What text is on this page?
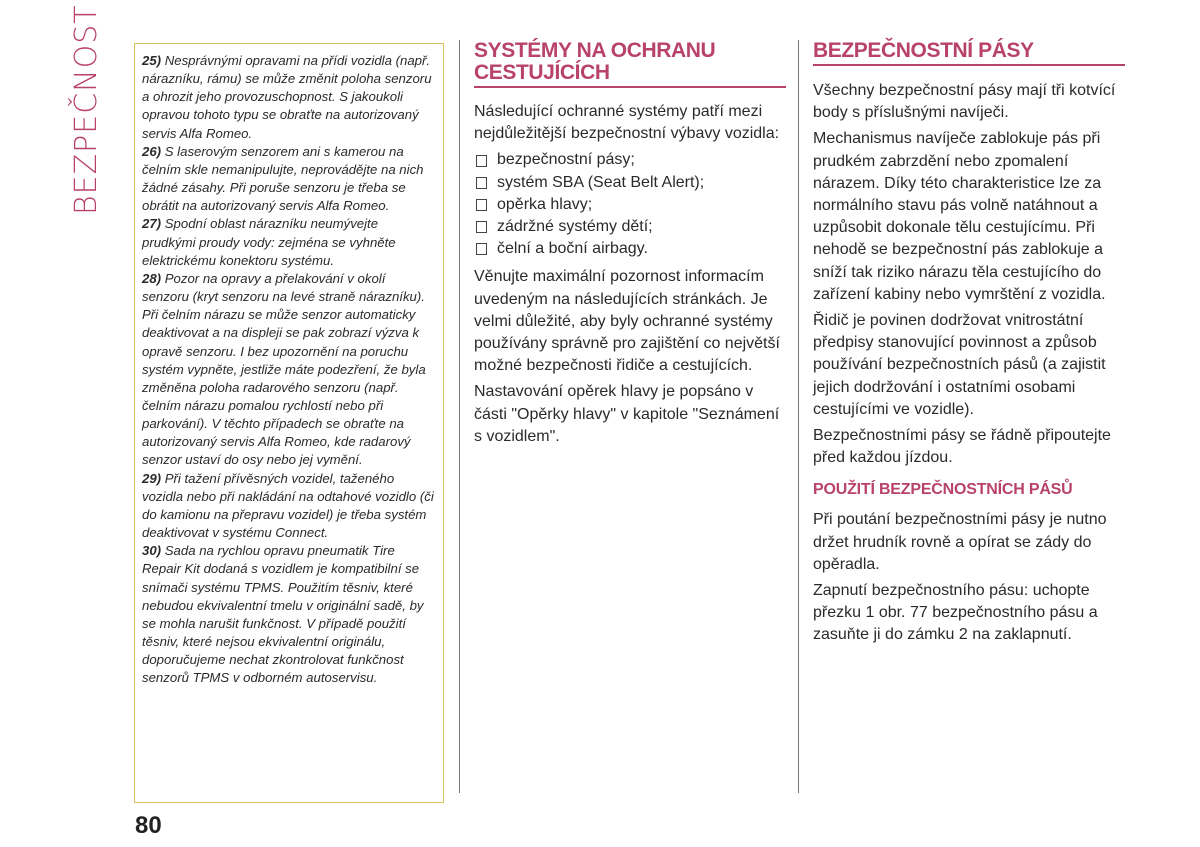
BEZPEČNOST	25) Nesprávnými opravami na přídi vozidla (např. nárazníku, rámu) se může změnit poloha senzoru a ohrozit jeho provozuschopnost. S jakoukoli opravou tohoto typu se obraťte na autorizovaný servis Alfa Romeo.
26) S laserovým senzorem ani s kamerou na čelním skle nemanipulujte, neprovádějte na nich žádné zásahy. Při poruše senzoru je třeba se obrátit na autorizovaný servis Alfa Romeo.
27) Spodní oblast nárazníku neumývejte prudkými proudy vody: zejména se vyhněte elektrickému konektoru systému.
28) Pozor na opravy a přelakování v okolí senzoru (kryt senzoru na levé straně nárazníku). Při čelním nárazu se může senzor automaticky deaktivovat a na displeji se pak zobrazí výzva k opravě senzoru. I bez upozornění na poruchu systém vypněte, jestliže máte podezření, že byla změněna poloha radarového senzoru (např. čelním nárazu pomalou rychlostí nebo při parkování). V těchto případech se obraťte na autorizovaný servis Alfa Romeo, kde radarový senzor ustaví do osy nebo jej vymění.
29) Při tažení přívěsných vozidel, taženého vozidla nebo při nakládání na odtahové vozidlo (či do kamionu na přepravu vozidel) je třeba systém deaktivovat v systému Connect.
30) Sada na rychlou opravu pneumatik Tire Repair Kit dodaná s vozidlem je kompatibilní se snímači systému TPMS. Použitím těsniv, které nebudou ekvivalentní tmelu v originální sadě, by se mohla narušit funkčnost. V případě použití těsniv, které nejsou ekvivalentní originálu, doporučujeme nechat zkontrolovat funkčnost senzorů TPMS v odborném autoservisu.
80
SYSTÉMY NA OCHRANU CESTUJÍCÍCH
Následující ochranné systémy patří mezi nejdůležitější bezpečnostní výbavy vozidla:
bezpečnostní pásy;
systém SBA (Seat Belt Alert);
opěrka hlavy;
zádržné systémy dětí;
čelní a boční airbagy.
Věnujte maximální pozornost informacím uvedeným na následujících stránkách. Je velmi důležité, aby byly ochranné systémy používány správně pro zajištění co největší možné bezpečnosti řidiče a cestujících.
Nastavování opěrek hlavy je popsáno v části "Opěrky hlavy" v kapitole "Seznámení s vozidlem".
BEZPEČNOSTNÍ PÁSY
Všechny bezpečnostní pásy mají tři kotvící body s příslušnými navíječi.
Mechanismus navíječe zablokuje pás při prudkém zabrzdění nebo zpomalení nárazem. Díky této charakteristice lze za normálního stavu pás volně natáhnout a uzpůsobit dokonale tělu cestujícímu. Při nehodě se bezpečnostní pás zablokuje a sníží tak riziko nárazu těla cestujícího do zařízení kabiny nebo vymrštění z vozidla.
Řidič je povinen dodržovat vnitrostátní předpisy stanovující povinnost a způsob používání bezpečnostních pásů (a zajistit jejich dodržování i ostatními osobami cestujícími ve vozidle).
Bezpečnostními pásy se řádně připoutejte před každou jízdou.
POUŽITÍ BEZPEČNOSTNÍCH PÁSŮ
Při poutání bezpečnostními pásy je nutno držet hrudník rovně a opírat se zády do opěradla.
Zapnutí bezpečnostního pásu: uchopte přezku 1 obr. 77 bezpečnostního pásu a zasuňte ji do zámku 2 na zaklapnutí.
